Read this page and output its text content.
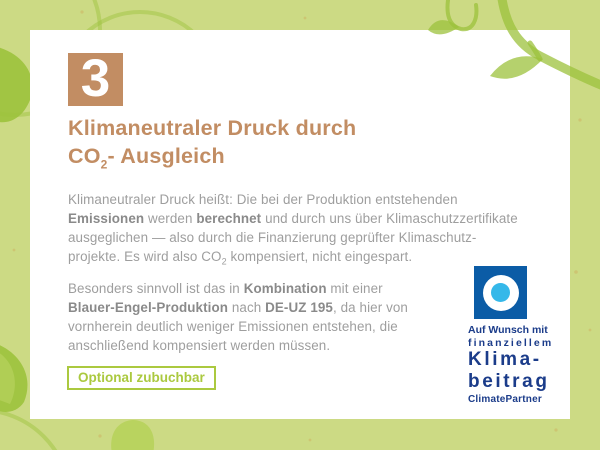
3
Klimaneutraler Druck durch
$CO_2-$ Ausgleich

Klimaneutraler Druck heißt: Die bei der Produktion entstehenden
Emissionen werden berechnet und durch uns über Klimaschutzzertifikate
ausgeglichen — also durch die Finanzierung geprüfter Klimaschutz-
projekte. Es wird also $CO_2$ kompensiert, nicht eingespart.

Besonders sinnvoll ist das in Kombination mit einer
Blauer-Engel-Produktion nach DE-UZ 195, da hier von
vornherein deutlich weniger Emissionen entstehen, die
anschließend kompensiert werden müssen.

Optional zubuchbar
Auf Wunsch mit
finanziellem
Klima-
beitrag
ClimatePartner
